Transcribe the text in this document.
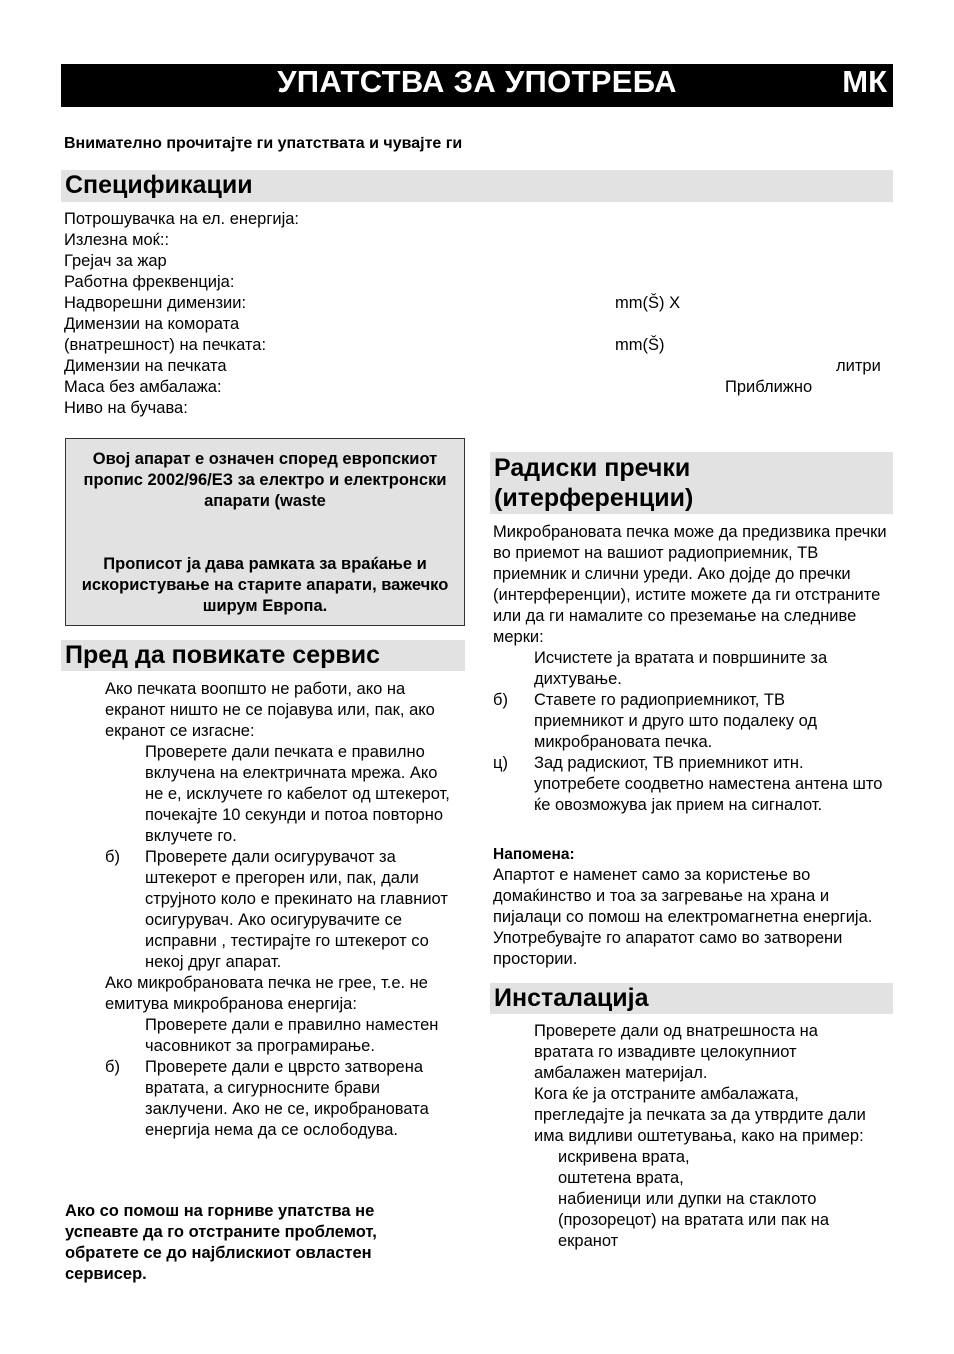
УПАТСТВА ЗА УПОТРЕБА	МК
Внимателно прочитајте ги упатствата и чувајте ги
Спецификации
Потрошувачка на ел. енергија:
Излезна моќ::
Грејач за жар
Работна фреквенција:
Надворешни димензии:
Димензии на комората
(внатрешност) на печката:
Димензии на печката
Маса без амбалажа:
Ниво на бучава:
mm(Š) X
mm(Š)
литри
Приближно

Овој апарат е означен според европскиот пропис 2002/96/ЕЗ за електро и електронски апарати (waste

Прописот ја дава рамката за враќање и искористување на старите апарати, важечко ширум Европа.

Пред да повикате сервис

Ако печката воопшто не работи, ако на екранот ништо не се појавува или, пак, ако екранот се изгасне:

Проверете дали печката е правилно вклучена на електричната мрежа. Ако не е, исклучете го кабелот од штекерот, почекајте 10 секунди и потоа повторно вклучете го.

б) Проверете дали осигурувачот за штекерот е прегорен или, пак, дали струјното коло е прекинато на главниот осигурувач. Ако осигурувачите се исправни , тестирајте го штекерот со некој друг апарат.

Ако микробрановата печка не грее, т.е. не емитува микробранова енергија:

Проверете дали е правилно наместен часовникот за програмирање.

б) Проверете дали е цврсто затворена вратата, а сигурносните брави заклучени. Ако не се, икробрановата енергија нема да се ослободува.

Ако со помош на горниве упатства не успеавте да го отстраните проблемот, обратете се до најблискиот овластен сервисер.
Радиски пречки
(итерференции)

Микробрановата печка може да предизвика пречки во приемот на вашиот радиоприемник, ТВ приемник и слични уреди. Ако дојде до пречки (интерференции), истите можете да ги отстраните или да ги намалите со преземање на следниве мерки:

Исчистете ја вратата и површините за дихтување.

б) Ставете го радиоприемникот, ТВ приемникот и друго што подалеку од микробрановата печка.

ц) Зад радискиот, ТВ приемникот итн. употребете соодветно наместена антена што ќе овозможува јак прием на сигналот.

Напомена:

Апартот е наменет само за користење во домаќинство и тоа за загревање на храна и пијалаци со помош на електромагнетна енергија. Употребувајте го апаратот само во затворени простории.

Инсталација

Проверете дали од внатрешноста на вратата го извадивте целокупниот амбалажен материјал.

Кога ќе ја отстраните амбалажата, прегледајте ја печката за да утврдите дали има видливи оштетувања, како на пример:

искривена врата,

оштетена врата,

набиеници или дупки на стаклото (прозорецот) на вратата или пак на екранот
